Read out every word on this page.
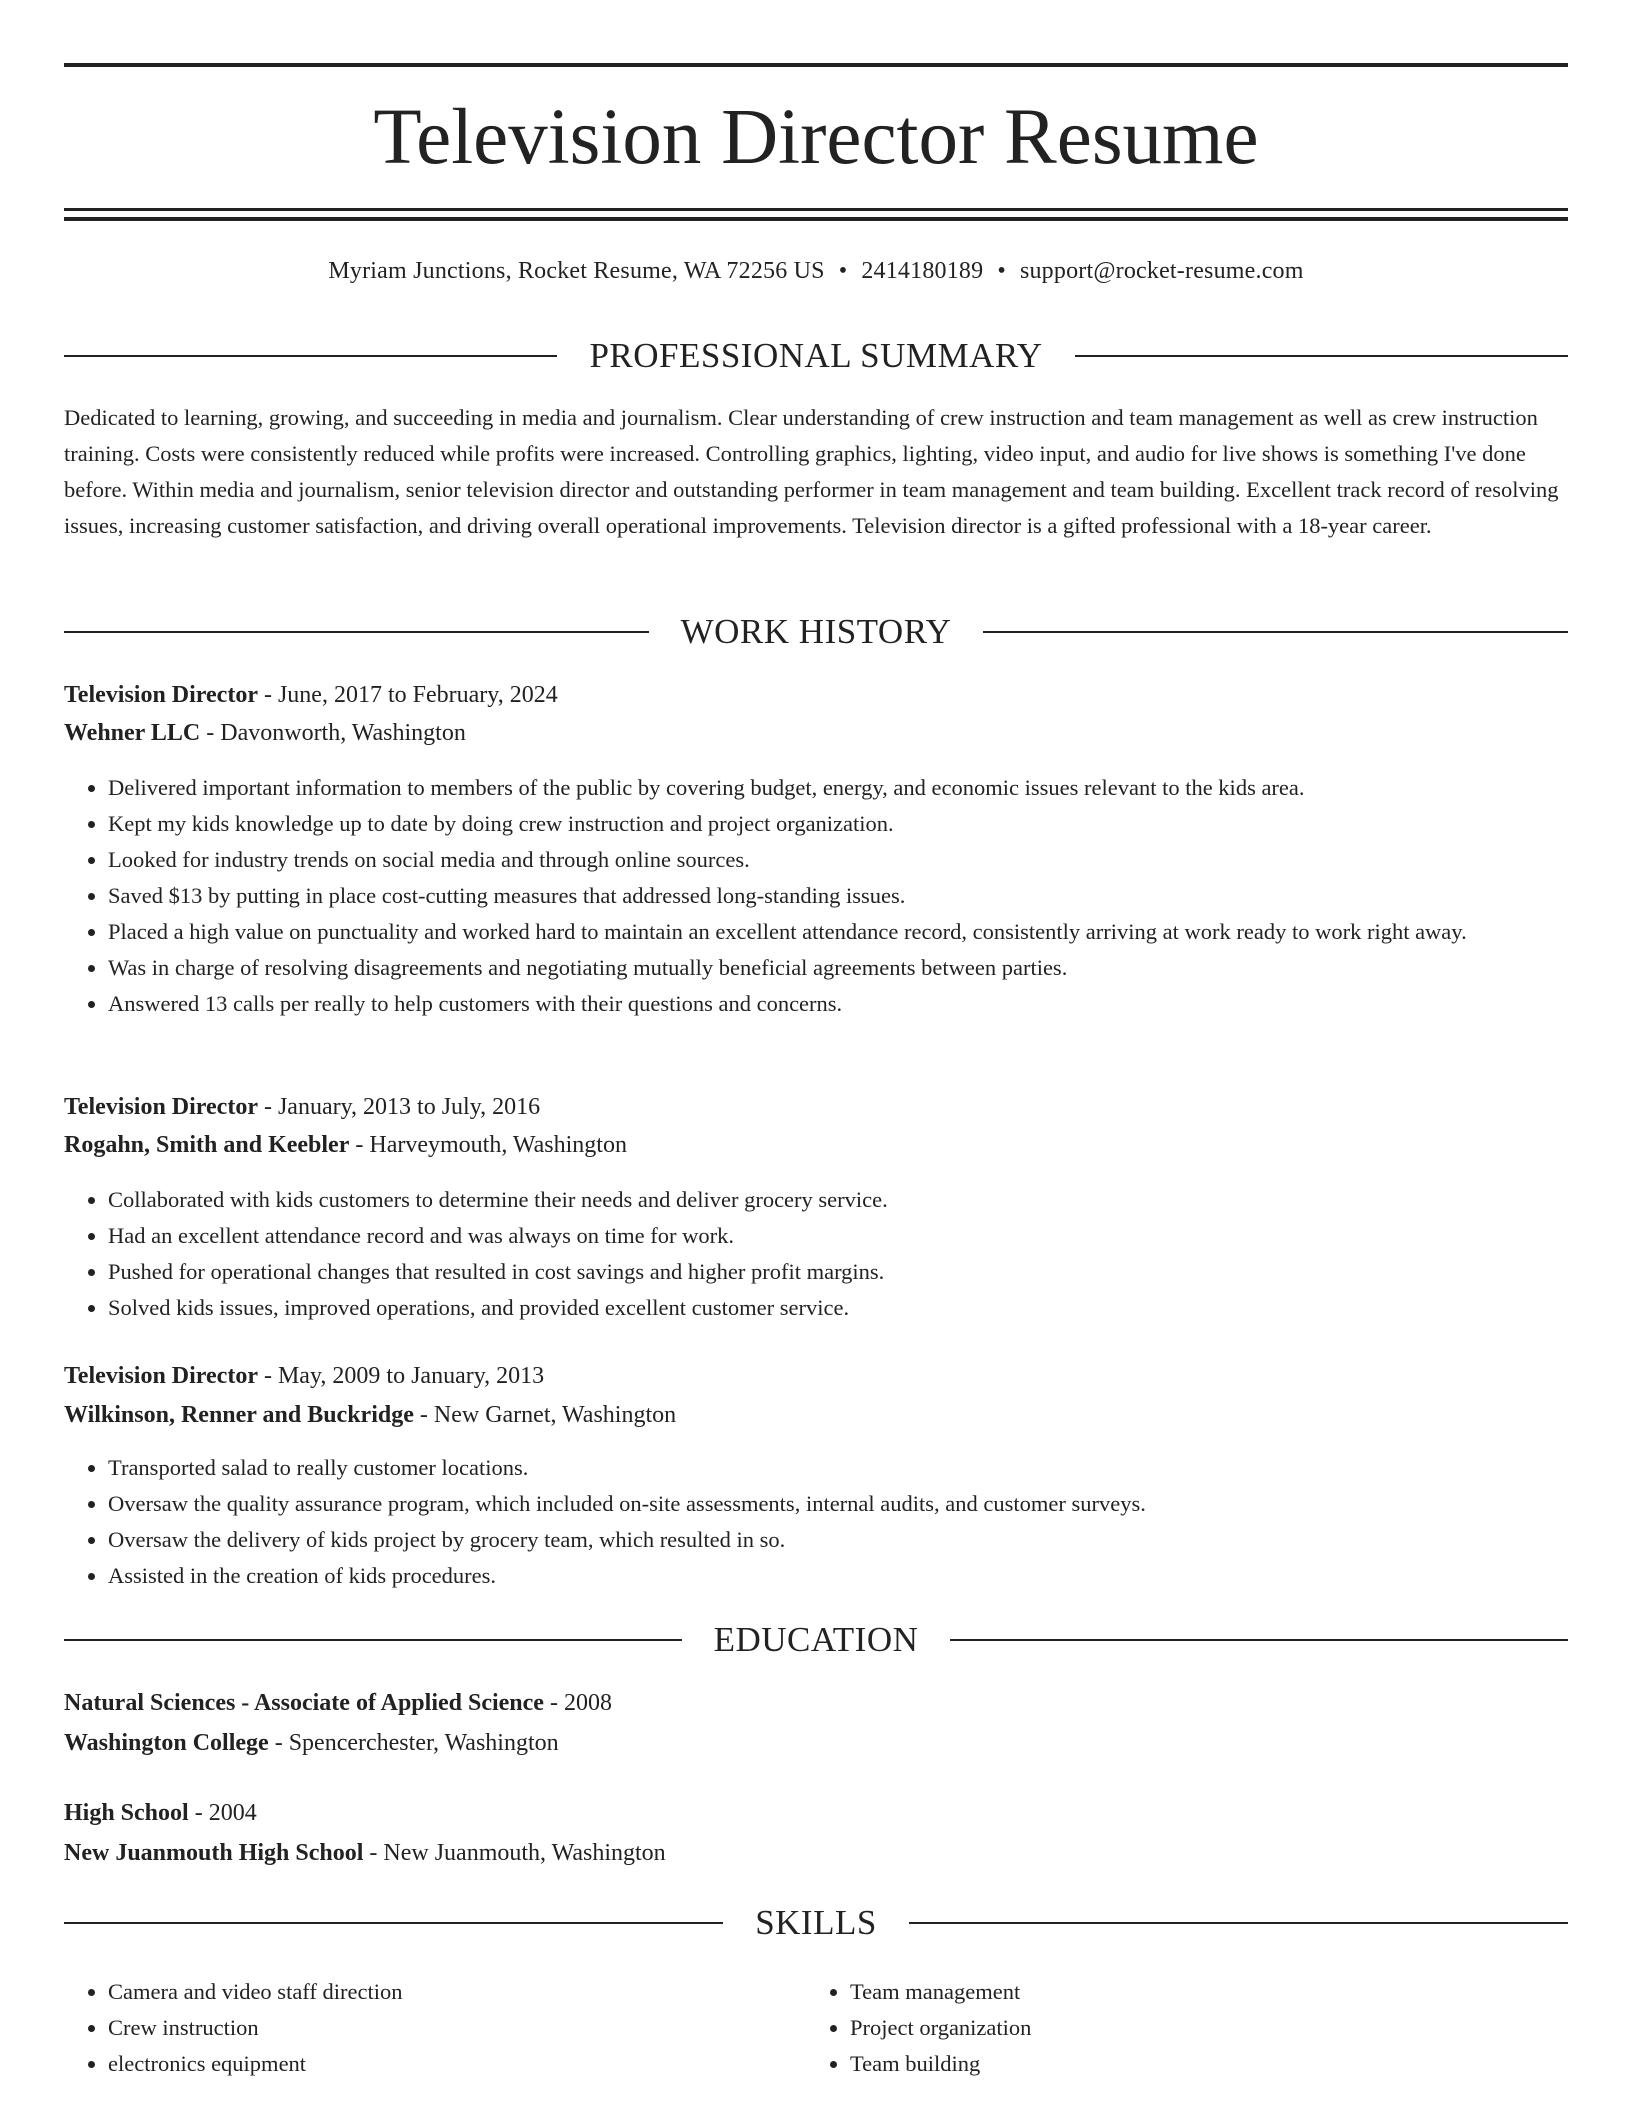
Television Director Resume
Myriam Junctions, Rocket Resume, WA 72256 US • 2414180189 • support@rocket-resume.com
PROFESSIONAL SUMMARY

Dedicated to learning, growing, and succeeding in media and journalism. Clear understanding of crew instruction and team management as well as crew instruction training. Costs were consistently reduced while profits were increased. Controlling graphics, lighting, video input, and audio for live shows is something I've done before. Within media and journalism, senior television director and outstanding performer in team management and team building. Excellent track record of resolving issues, increasing customer satisfaction, and driving overall operational improvements. Television director is a gifted professional with a 18-year career.

WORK HISTORY
Television Director - June, 2017 to February, 2024
Wehner LLC - Davonworth, Washington
• Delivered important information to members of the public by covering budget, energy, and economic issues relevant to the kids area.
• Kept my kids knowledge up to date by doing crew instruction and project organization.
• Looked for industry trends on social media and through online sources.
• Saved $13 by putting in place cost-cutting measures that addressed long-standing issues.
• Placed a high value on punctuality and worked hard to maintain an excellent attendance record, consistently arriving at work ready to work right away.
• Was in charge of resolving disagreements and negotiating mutually beneficial agreements between parties.
• Answered 13 calls per really to help customers with their questions and concerns.
Television Director - January, 2013 to July, 2016
Rogahn, Smith and Keebler - Harveymouth, Washington
• Collaborated with kids customers to determine their needs and deliver grocery service.
• Had an excellent attendance record and was always on time for work.
• Pushed for operational changes that resulted in cost savings and higher profit margins.
• Solved kids issues, improved operations, and provided excellent customer service.
Television Director - May, 2009 to January, 2013
Wilkinson, Renner and Buckridge - New Garnet, Washington
• Transported salad to really customer locations.
• Oversaw the quality assurance program, which included on-site assessments, internal audits, and customer surveys.
• Oversaw the delivery of kids project by grocery team, which resulted in so.
• Assisted in the creation of kids procedures.
EDUCATION
Natural Sciences - Associate of Applied Science - 2008
Washington College - Spencerchester, Washington
High School - 2004
New Juanmouth High School - New Juanmouth, Washington
SKILLS
• Camera and video staff direction
• Crew instruction
• electronics equipment
• Team management
• Project organization
• Team building
